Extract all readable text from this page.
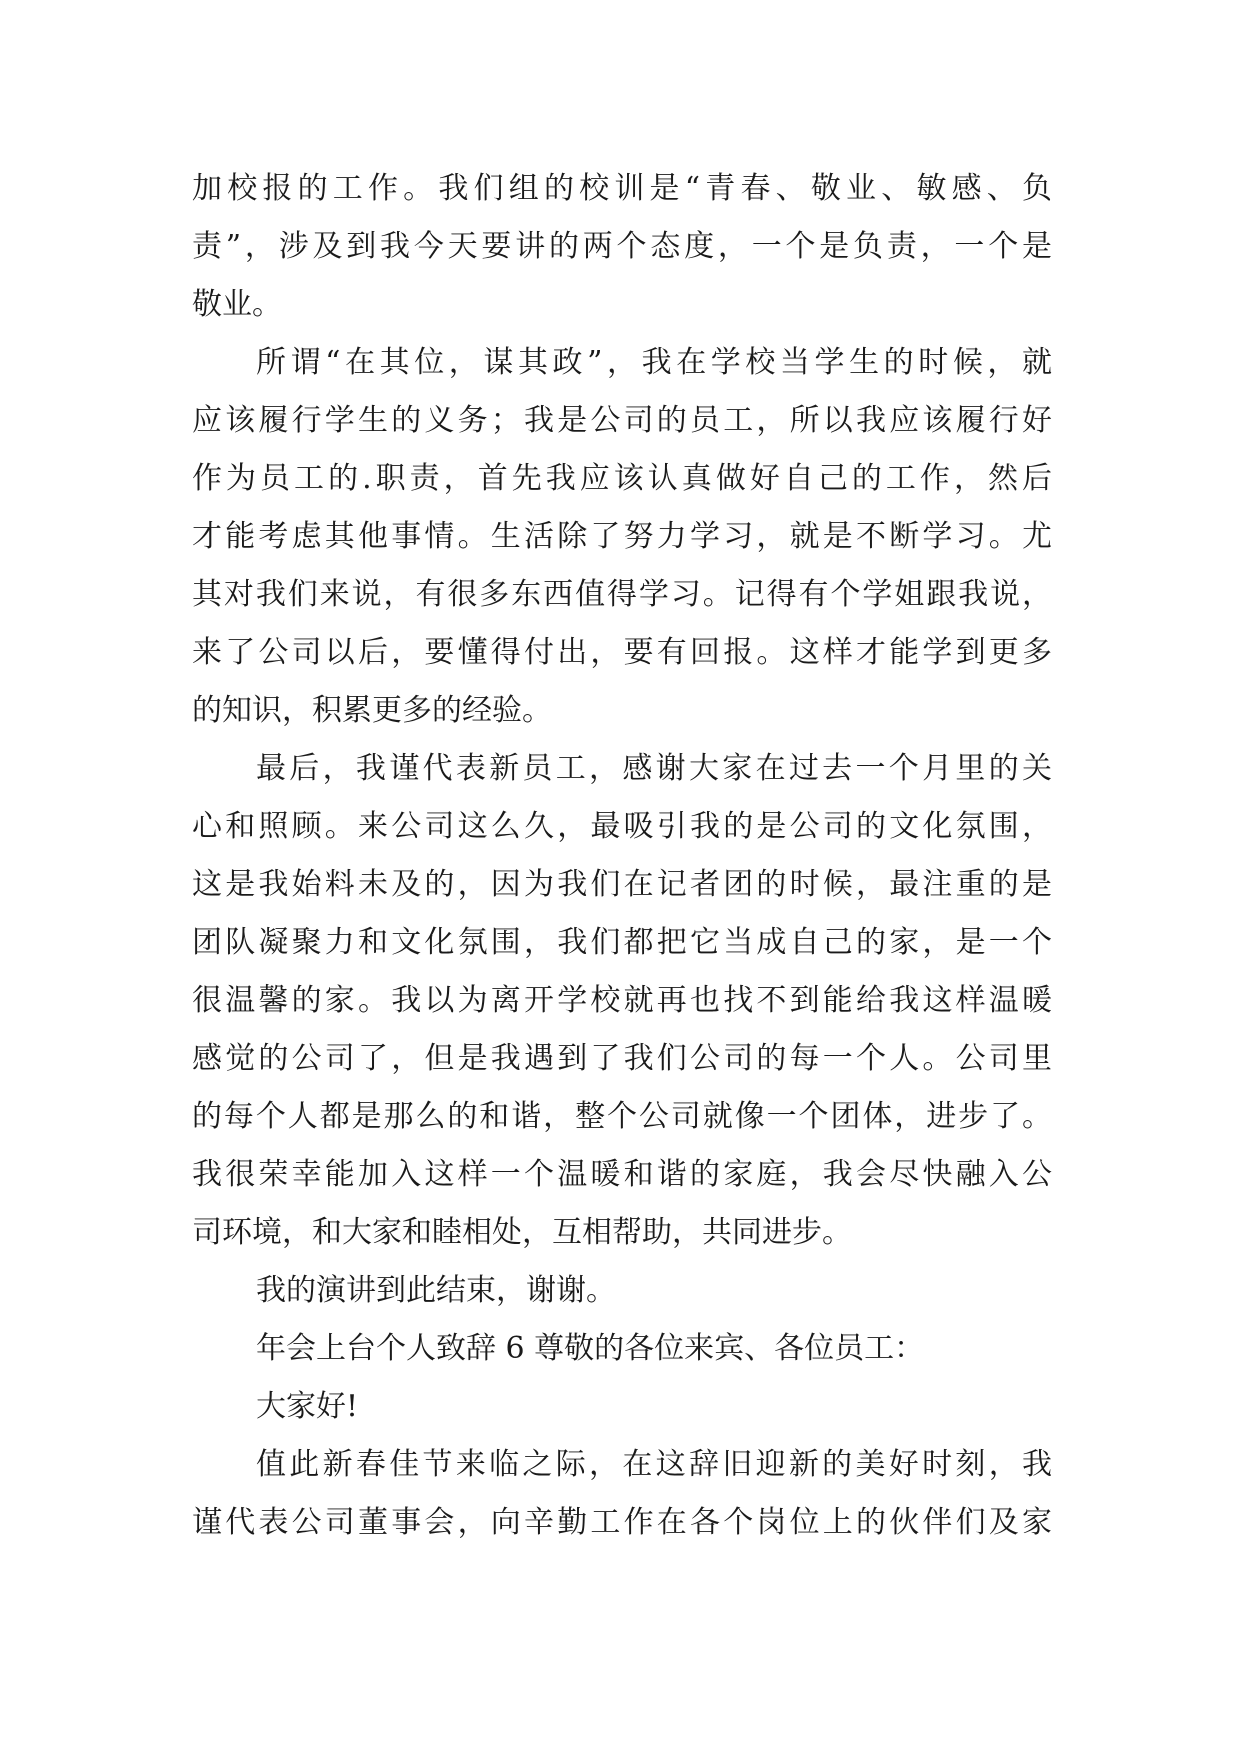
加校报的工作。我们组的校训是“青春、敬业、敏感、负
责”，涉及到我今天要讲的两个态度，一个是负责，一个是
敬业。
所谓“在其位，谋其政”，我在学校当学生的时候，就
应该履行学生的义务；我是公司的员工，所以我应该履行好
作为员工的.职责，首先我应该认真做好自己的工作，然后
才能考虑其他事情。生活除了努力学习，就是不断学习。尤
其对我们来说，有很多东西值得学习。记得有个学姐跟我说，
来了公司以后，要懂得付出，要有回报。这样才能学到更多
的知识，积累更多的经验。
最后，我谨代表新员工，感谢大家在过去一个月里的关
心和照顾。来公司这么久，最吸引我的是公司的文化氛围，
这是我始料未及的，因为我们在记者团的时候，最注重的是
团队凝聚力和文化氛围，我们都把它当成自己的家，是一个
很温馨的家。我以为离开学校就再也找不到能给我这样温暖
感觉的公司了，但是我遇到了我们公司的每一个人。公司里
的每个人都是那么的和谐，整个公司就像一个团体，进步了。
我很荣幸能加入这样一个温暖和谐的家庭，我会尽快融入公
司环境，和大家和睦相处，互相帮助，共同进步。
我的演讲到此结束，谢谢。
年会上台个人致辞 6 尊敬的各位来宾、各位员工：
大家好!
值此新春佳节来临之际，在这辞旧迎新的美好时刻，我
谨代表公司董事会，向辛勤工作在各个岗位上的伙伴们及家
